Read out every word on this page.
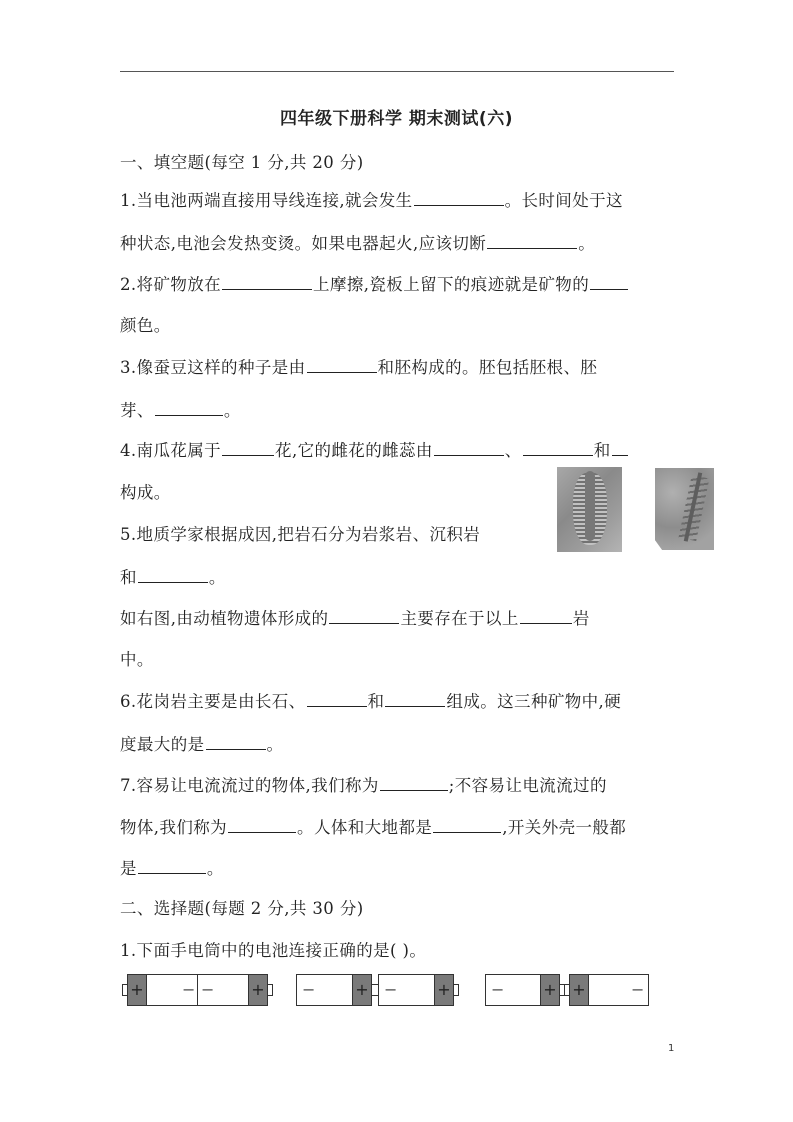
四年级下册科学 期末测试(六)
一、填空题(每空 1 分,共 20 分)
1.当电池两端直接用导线连接,就会发生	。长时间处于这
种状态,电池会发热变烫。如果电器起火,应该切断	。
2.将矿物放在	上摩擦,瓷板上留下的痕迹就是矿物的
颜色。
3.像蚕豆这样的种子是由	和胚构成的。胚包括胚根、胚
芽、	。
4.南瓜花属于	花,它的雌花的雌蕊由	、	和
构成。
5.地质学家根据成因,把岩石分为岩浆岩、沉积岩
和	。
如右图,由动植物遗体形成的	主要存在于以上	岩
中。
6.花岗岩主要是由长石、	和	组成。这三种矿物中,硬
度最大的是	。
7.容易让电流流过的物体,我们称为	;不容易让电流流过的
物体,我们称为	。人体和大地都是	,开关外壳一般都
是	。
二、选择题(每题 2 分,共 30 分)
1.下面手电筒中的电池连接正确的是( )。
+ − − + − + − +	− + +	−
1
